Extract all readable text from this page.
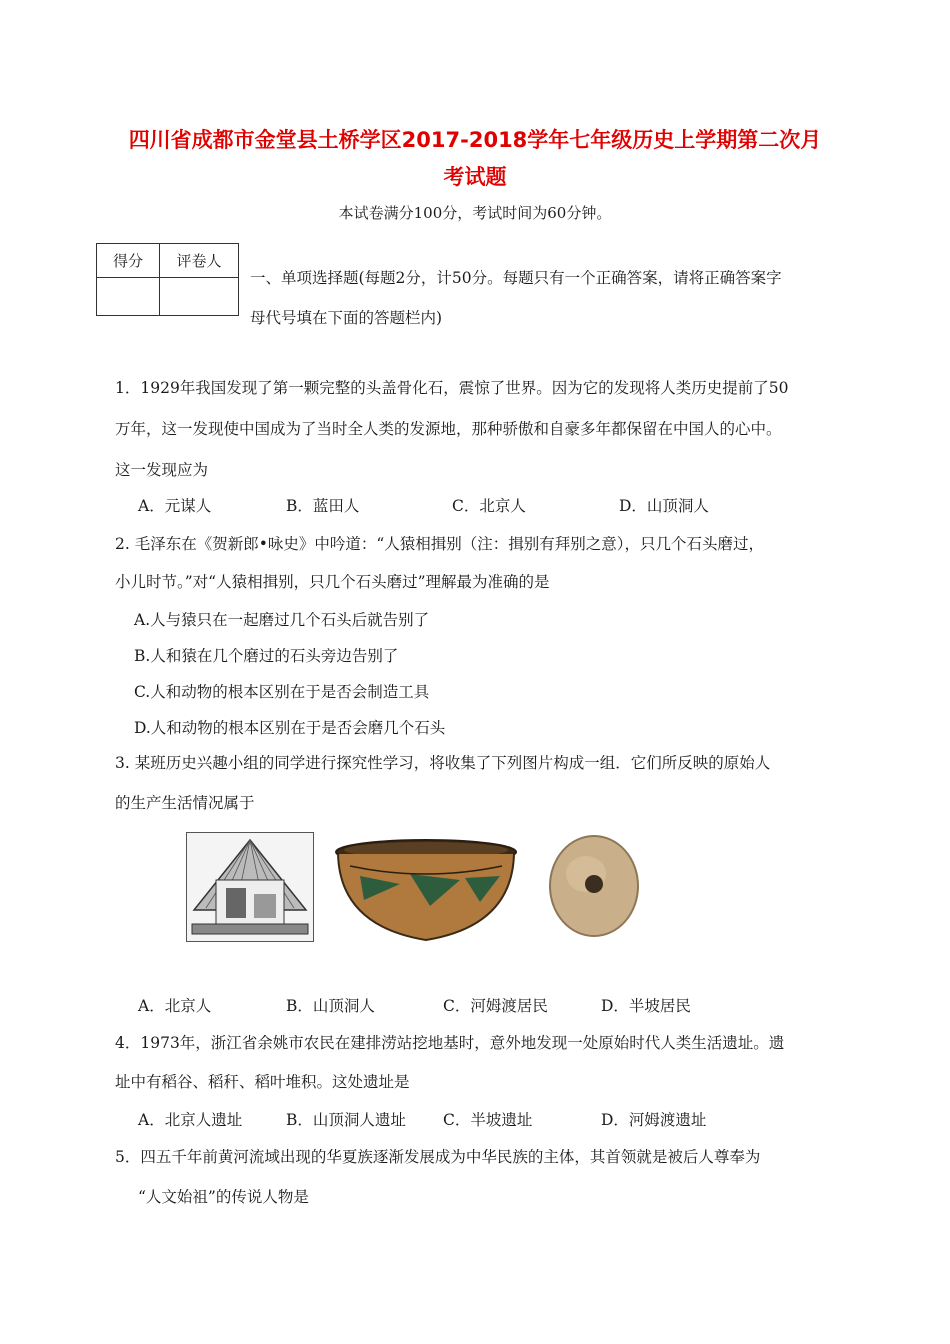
四川省成都市金堂县土桥学区2017-2018学年七年级历史上学期第二次月
考试题
本试卷满分100分，考试时间为60分钟。
得分	评卷人

一、单项选择题(每题2分，计50分。每题只有一个正确答案，请将正确答案字
母代号填在下面的答题栏内)
1．1929年我国发现了第一颗完整的头盖骨化石，震惊了世界。因为它的发现将人类历史提前了50
万年，这一发现使中国成为了当时全人类的发源地，那种骄傲和自豪多年都保留在中国人的心中。
这一发现应为
A．元谋人	B．蓝田人	C．北京人	D．山顶洞人
2. 毛泽东在《贺新郎•咏史》中吟道：“人猿相揖别（注：揖别有拜别之意），只几个石头磨过，
小儿时节。”对“人猿相揖别，只几个石头磨过”理解最为准确的是
A.人与猿只在一起磨过几个石头后就告别了
B.人和猿在几个磨过的石头旁边告别了
C.人和动物的根本区别在于是否会制造工具
D.人和动物的根本区别在于是否会磨几个石头
3. 某班历史兴趣小组的同学进行探究性学习，将收集了下列图片构成一组．它们所反映的原始人
的生产生活情况属于
A．北京人	B．山顶洞人	C．河姆渡居民	D．半坡居民
4．1973年，浙江省余姚市农民在建排涝站挖地基时，意外地发现一处原始时代人类生活遗址。遗
址中有稻谷、稻秆、稻叶堆积。这处遗址是
A．北京人遗址	B．山顶洞人遗址 C．半坡遗址	D．河姆渡遗址
5．四五千年前黄河流域出现的华夏族逐渐发展成为中华民族的主体，其首领就是被后人尊奉为
“人文始祖”的传说人物是
